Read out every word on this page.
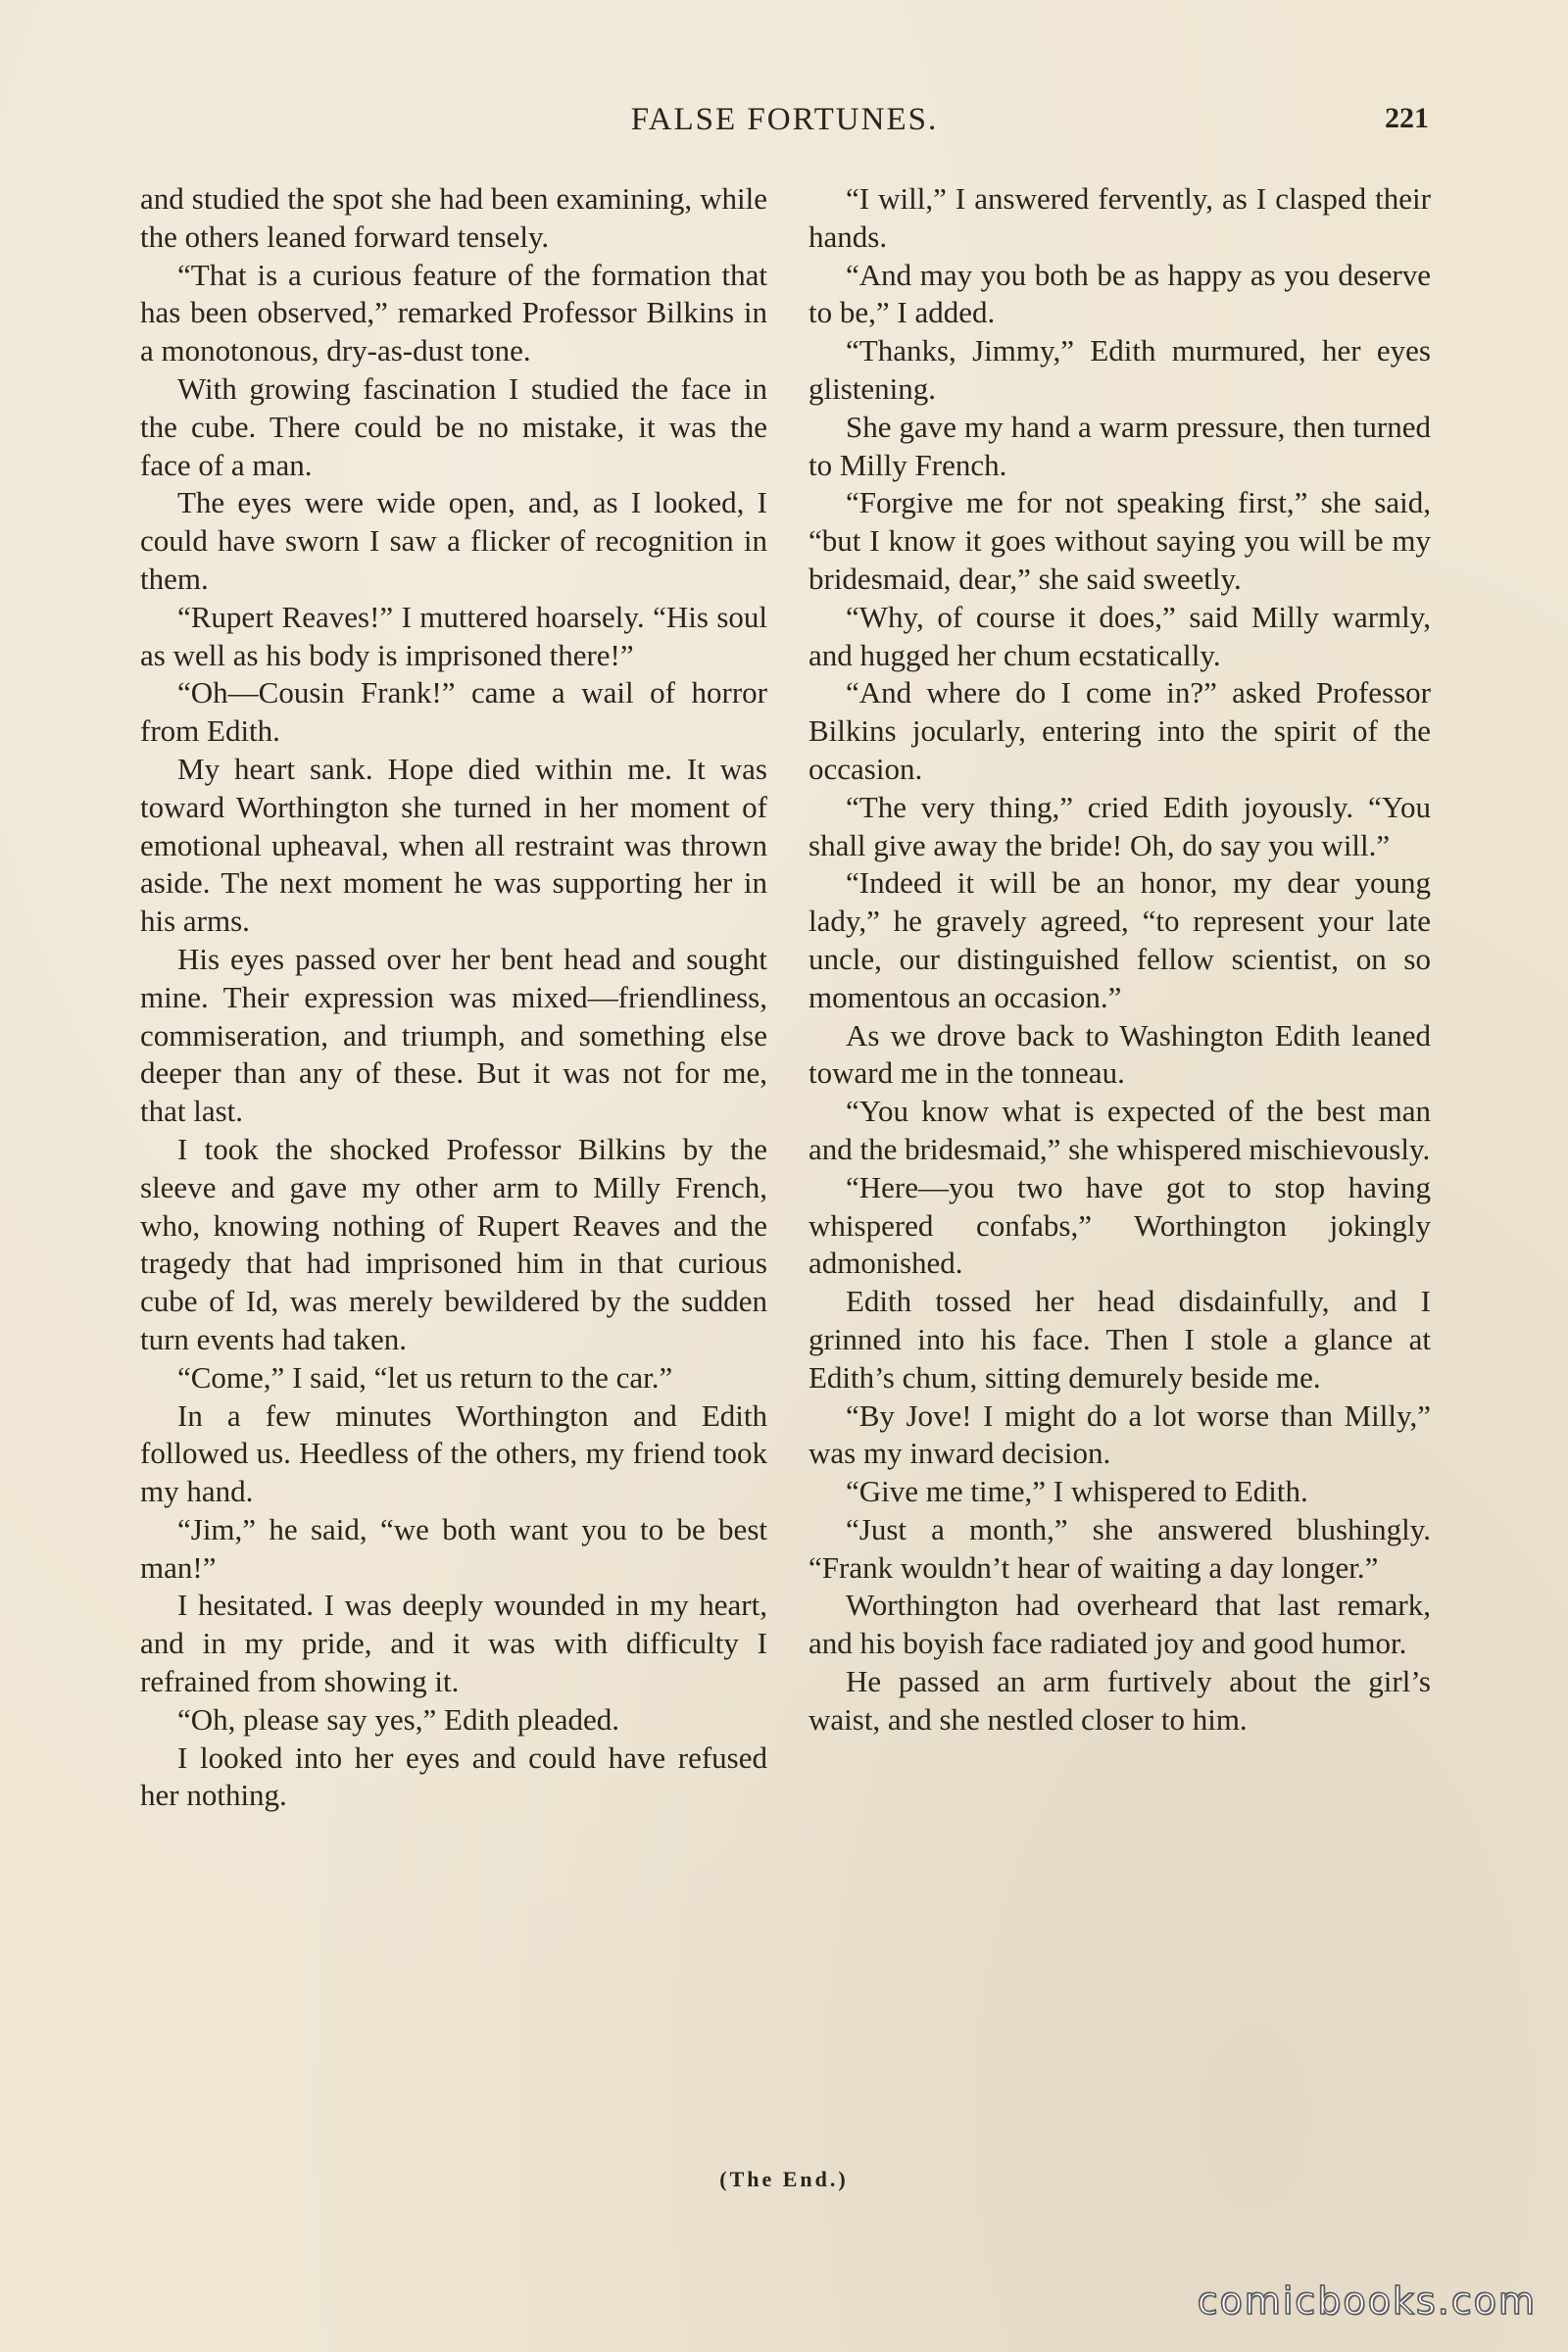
FALSE FORTUNES.	221

and studied the spot she had been examining, while the others leaned forward tensely.

“That is a curious feature of the formation that has been observed,” remarked Professor Bilkins in a monotonous, dry-as-dust tone.

With growing fascination I studied the face in the cube. There could be no mistake, it was the face of a man.

The eyes were wide open, and, as I looked, I could have sworn I saw a flicker of recognition in them.

“Rupert Reaves!” I muttered hoarsely. “His soul as well as his body is imprisoned there!”

“Oh—Cousin Frank!” came a wail of horror from Edith.

My heart sank. Hope died within me. It was toward Worthington she turned in her moment of emotional upheaval, when all restraint was thrown aside. The next moment he was supporting her in his arms.

His eyes passed over her bent head and sought mine. Their expression was mixed—friendliness, commiseration, and triumph, and something else deeper than any of these. But it was not for me, that last.

I took the shocked Professor Bilkins by the sleeve and gave my other arm to Milly French, who, knowing nothing of Rupert Reaves and the tragedy that had imprisoned him in that curious cube of Id, was merely bewildered by the sudden turn events had taken.

“Come,” I said, “let us return to the car.”

In a few minutes Worthington and Edith followed us. Heedless of the others, my friend took my hand.

“Jim,” he said, “we both want you to be best man!”

I hesitated. I was deeply wounded in my heart, and in my pride, and it was with difficulty I refrained from showing it.

“Oh, please say yes,” Edith pleaded.

I looked into her eyes and could have refused her nothing.

“I will,” I answered fervently, as I clasped their hands.

“And may you both be as happy as you deserve to be,” I added.

“Thanks, Jimmy,” Edith murmured, her eyes glistening.

She gave my hand a warm pressure, then turned to Milly French.

“Forgive me for not speaking first,” she said, “but I know it goes without saying you will be my bridesmaid, dear,” she said sweetly.

“Why, of course it does,” said Milly warmly, and hugged her chum ecstatically.

“And where do I come in?” asked Professor Bilkins jocularly, entering into the spirit of the occasion.

“The very thing,” cried Edith joyously. “You shall give away the bride! Oh, do say you will.”

“Indeed it will be an honor, my dear young lady,” he gravely agreed, “to represent your late uncle, our distinguished fellow scientist, on so momentous an occasion.”

As we drove back to Washington Edith leaned toward me in the tonneau.

“You know what is expected of the best man and the bridesmaid,” she whispered mischievously.

“Here—you two have got to stop having whispered confabs,” Worthington jokingly admonished.

Edith tossed her head disdainfully, and I grinned into his face. Then I stole a glance at Edith’s chum, sitting demurely beside me.

“By Jove! I might do a lot worse than Milly,” was my inward decision.

“Give me time,” I whispered to Edith.

“Just a month,” she answered blushingly. “Frank wouldn’t hear of waiting a day longer.”

Worthington had overheard that last remark, and his boyish face radiated joy and good humor.

He passed an arm furtively about the girl’s waist, and she nestled closer to him.

(The End.)
comicbooks.com
